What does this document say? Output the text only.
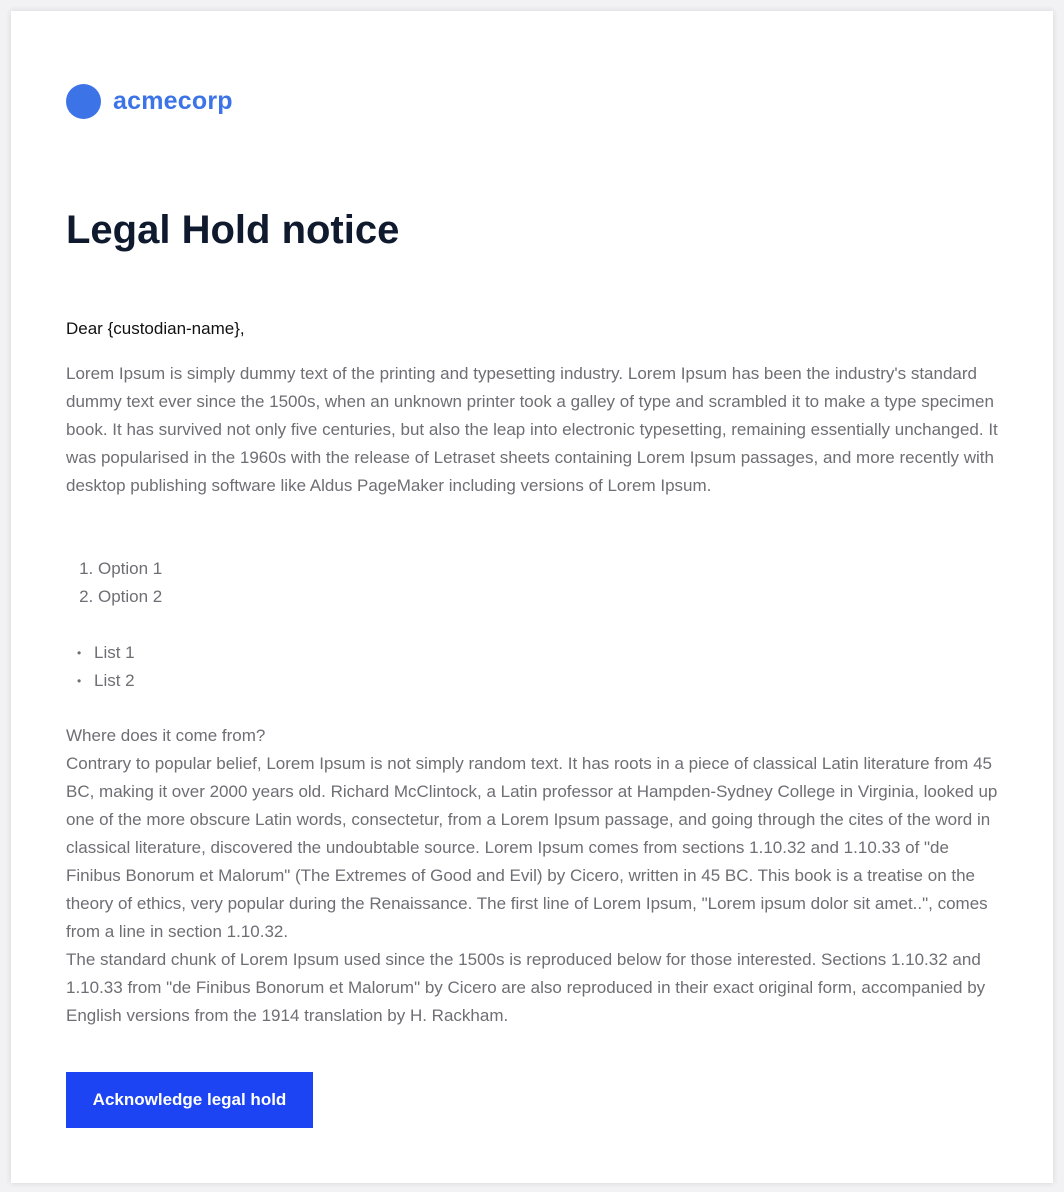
acmecorp
Legal Hold notice

Dear {custodian-name},

Lorem Ipsum is simply dummy text of the printing and typesetting industry. Lorem Ipsum has been the industry's standard dummy text ever since the 1500s, when an unknown printer took a galley of type and scrambled it to make a type specimen book. It has survived not only five centuries, but also the leap into electronic typesetting, remaining essentially unchanged. It was popularised in the 1960s with the release of Letraset sheets containing Lorem Ipsum passages, and more recently with desktop publishing software like Aldus PageMaker including versions of Lorem Ipsum.

1. Option 1
2. Option 2
• List 1
• List 2
Where does it come from?
Contrary to popular belief, Lorem Ipsum is not simply random text. It has roots in a piece of classical Latin literature from 45 BC, making it over 2000 years old. Richard McClintock, a Latin professor at Hampden-Sydney College in Virginia, looked up one of the more obscure Latin words, consectetur, from a Lorem Ipsum passage, and going through the cites of the word in classical literature, discovered the undoubtable source. Lorem Ipsum comes from sections 1.10.32 and 1.10.33 of "de Finibus Bonorum et Malorum" (The Extremes of Good and Evil) by Cicero, written in 45 BC. This book is a treatise on the theory of ethics, very popular during the Renaissance. The first line of Lorem Ipsum, "Lorem ipsum dolor sit amet..", comes from a line in section 1.10.32.
The standard chunk of Lorem Ipsum used since the 1500s is reproduced below for those interested. Sections 1.10.32 and 1.10.33 from "de Finibus Bonorum et Malorum" by Cicero are also reproduced in their exact original form, accompanied by English versions from the 1914 translation by H. Rackham.
Acknowledge legal hold
